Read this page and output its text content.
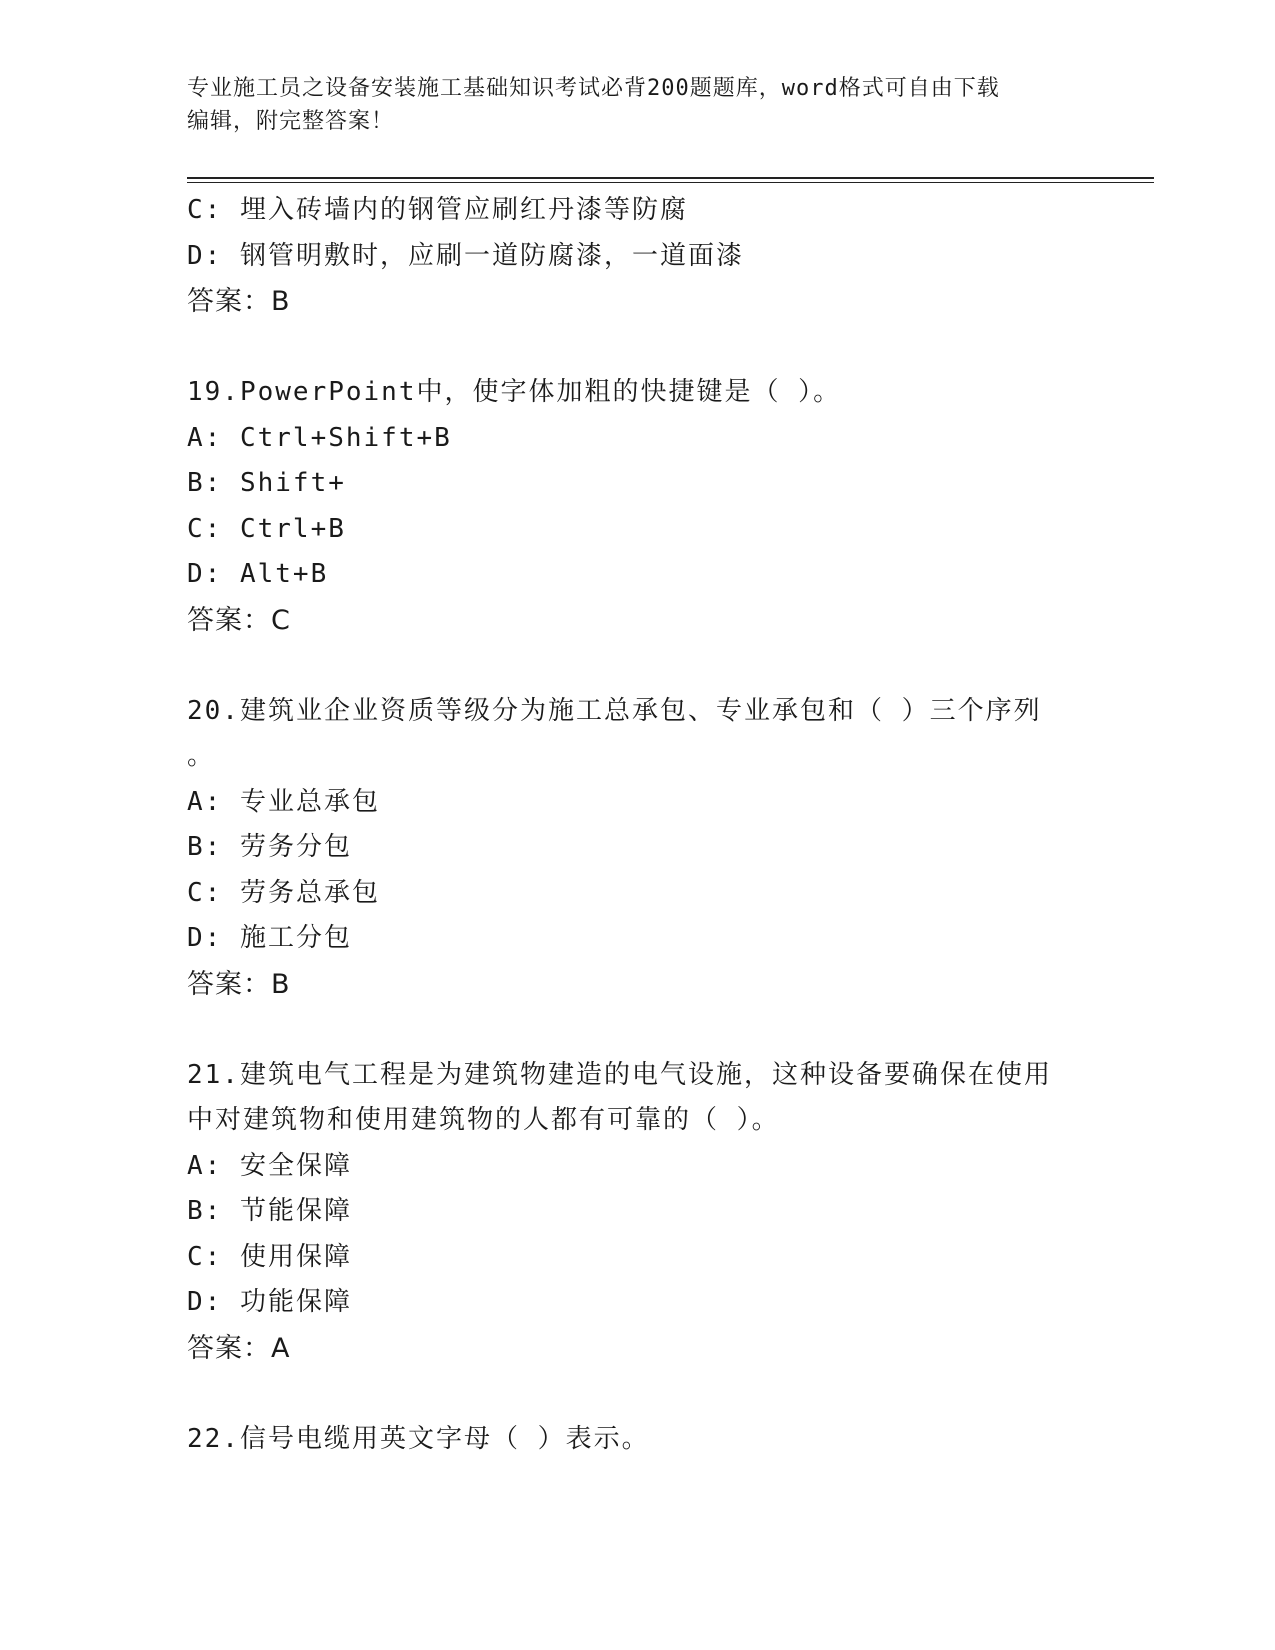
专业施工员之设备安装施工基础知识考试必背200题题库，word格式可自由下载
编辑，附完整答案！
C: 埋入砖墙内的钢管应刷红丹漆等防腐
D: 钢管明敷时，应刷一道防腐漆，一道面漆
答案：B
19.PowerPoint中，使字体加粗的快捷键是（ ）。
A: Ctrl+Shift+B
B: Shift+
C: Ctrl+B
D: Alt+B
答案：C
20.建筑业企业资质等级分为施工总承包、专业承包和（ ）三个序列
。
A: 专业总承包
B: 劳务分包
C: 劳务总承包
D: 施工分包
答案：B
21.建筑电气工程是为建筑物建造的电气设施，这种设备要确保在使用
中对建筑物和使用建筑物的人都有可靠的（ ）。
A: 安全保障
B: 节能保障
C: 使用保障
D: 功能保障
答案：A
22.信号电缆用英文字母（ ）表示。
